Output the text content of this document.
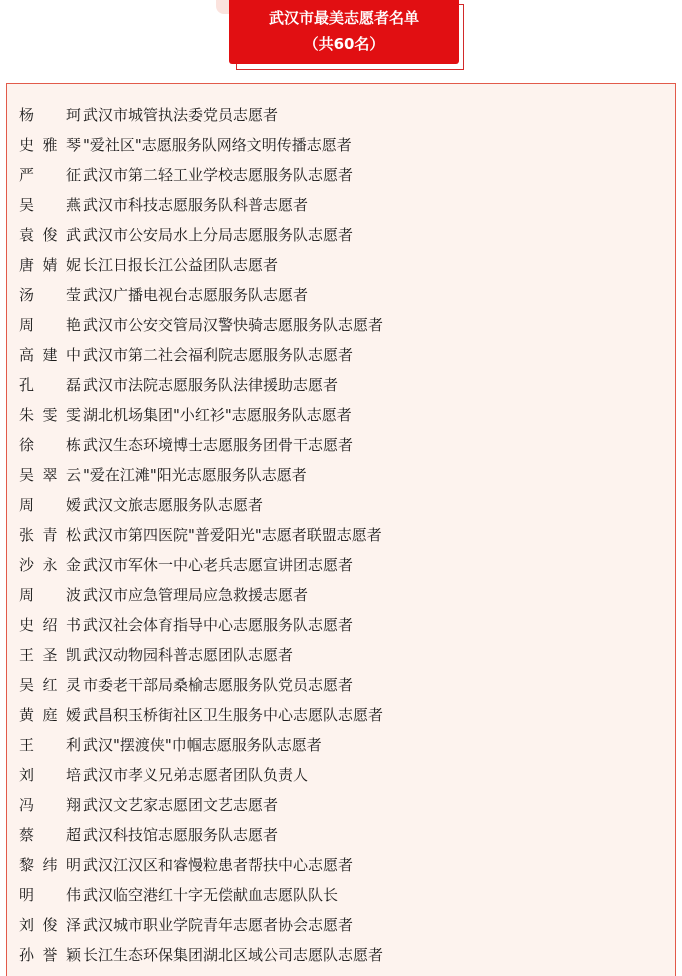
武汉市最美志愿者名单
（共60名）
杨　珂 武汉市城管执法委党员志愿者
史雅琴 "爱社区"志愿服务队网络文明传播志愿者
严　征 武汉市第二轻工业学校志愿服务队志愿者
吴　燕 武汉市科技志愿服务队科普志愿者
袁俊武 武汉市公安局水上分局志愿服务队志愿者
唐婧妮 长江日报长江公益团队志愿者
汤　莹 武汉广播电视台志愿服务队志愿者
周　艳 武汉市公安交管局汉警快骑志愿服务队志愿者
高建中 武汉市第二社会福利院志愿服务队志愿者
孔　磊 武汉市法院志愿服务队法律援助志愿者
朱雯雯 湖北机场集团"小红衫"志愿服务队志愿者
徐　栋 武汉生态环境博士志愿服务团骨干志愿者
吴翠云 "爱在江滩"阳光志愿服务队志愿者
周　嫒 武汉文旅志愿服务队志愿者
张青松 武汉市第四医院"普爱阳光"志愿者联盟志愿者
沙永金 武汉市军休一中心老兵志愿宣讲团志愿者
周　波 武汉市应急管理局应急救援志愿者
史绍书 武汉社会体育指导中心志愿服务队志愿者
王圣凯 武汉动物园科普志愿团队志愿者
吴红灵 市委老干部局桑榆志愿服务队党员志愿者
黄庭嫒 武昌积玉桥街社区卫生服务中心志愿队志愿者
王　利 武汉"摆渡侠"巾帼志愿服务队志愿者
刘　培 武汉市孝义兄弟志愿者团队负责人
冯　翔 武汉文艺家志愿团文艺志愿者
蔡　超 武汉科技馆志愿服务队志愿者
黎纬明 武汉江汉区和睿慢粒患者帮扶中心志愿者
明　伟 武汉临空港红十字无偿献血志愿队队长
刘俊泽 武汉城市职业学院青年志愿者协会志愿者
孙誉颖 长江生态环保集团湖北区域公司志愿队志愿者
